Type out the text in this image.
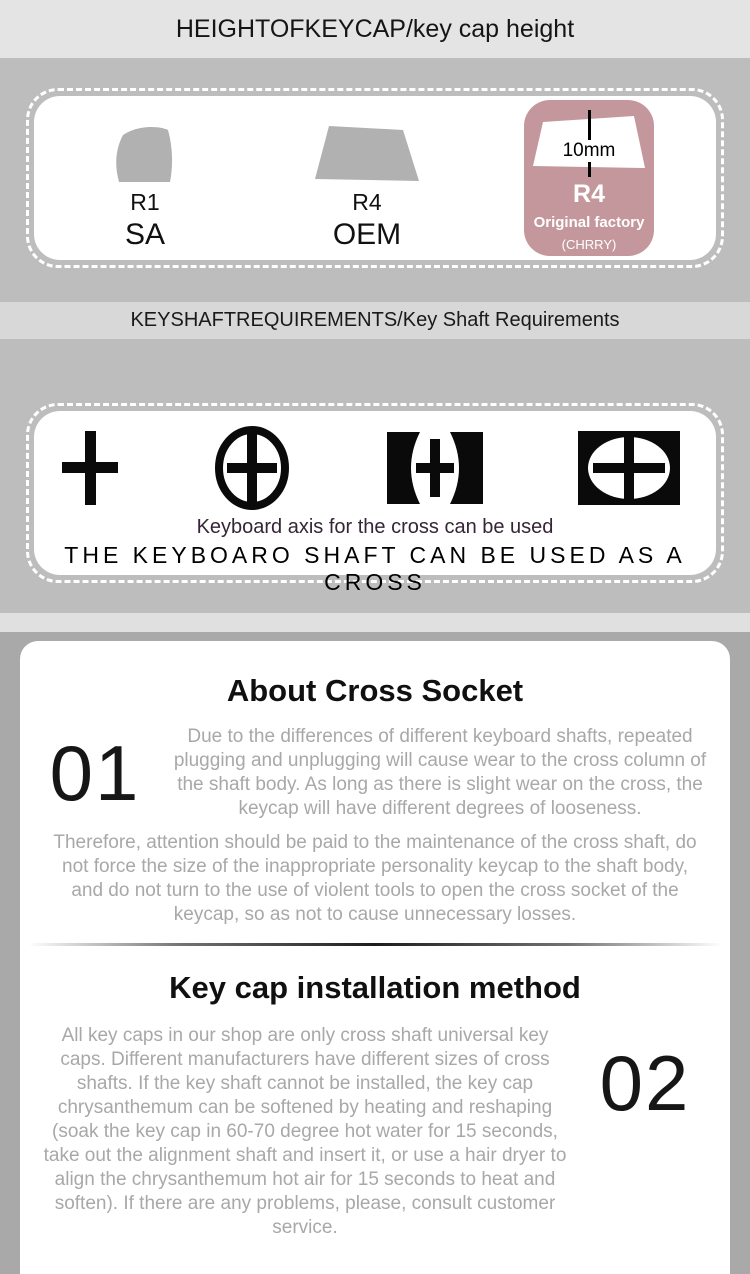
HEIGHTOFKEYCAP/key cap height
R1
SA
R4
OEM
10mm
R4
Original factory
(CHRRY)
KEYSHAFTREQUIREMENTS/Key Shaft Requirements
Keyboard axis for the cross can be used
THE KEYBOARO SHAFT CAN BE USED AS A CROSS
About Cross Socket
01	Due to the differences of different keyboard shafts, repeated plugging and unplugging will cause wear to the cross column of the shaft body. As long as there is slight wear on the cross, the keycap will have different degrees of looseness.
Therefore, attention should be paid to the maintenance of the cross shaft, do not force the size of the inappropriate personality keycap to the shaft body, and do not turn to the use of violent tools to open the cross socket of the keycap, so as not to cause unnecessary losses.
Key cap installation method
All key caps in our shop are only cross shaft universal key caps. Different manufacturers have different sizes of cross shafts. If the key shaft cannot be installed, the key cap chrysanthemum can be softened by heating and reshaping (soak the key cap in 60-70 degree hot water for 15 seconds, take out the alignment shaft and insert it, or use a hair dryer to align the chrysanthemum hot air for 15 seconds to heat and soften). If there are any problems, please, consult customer service.
02
